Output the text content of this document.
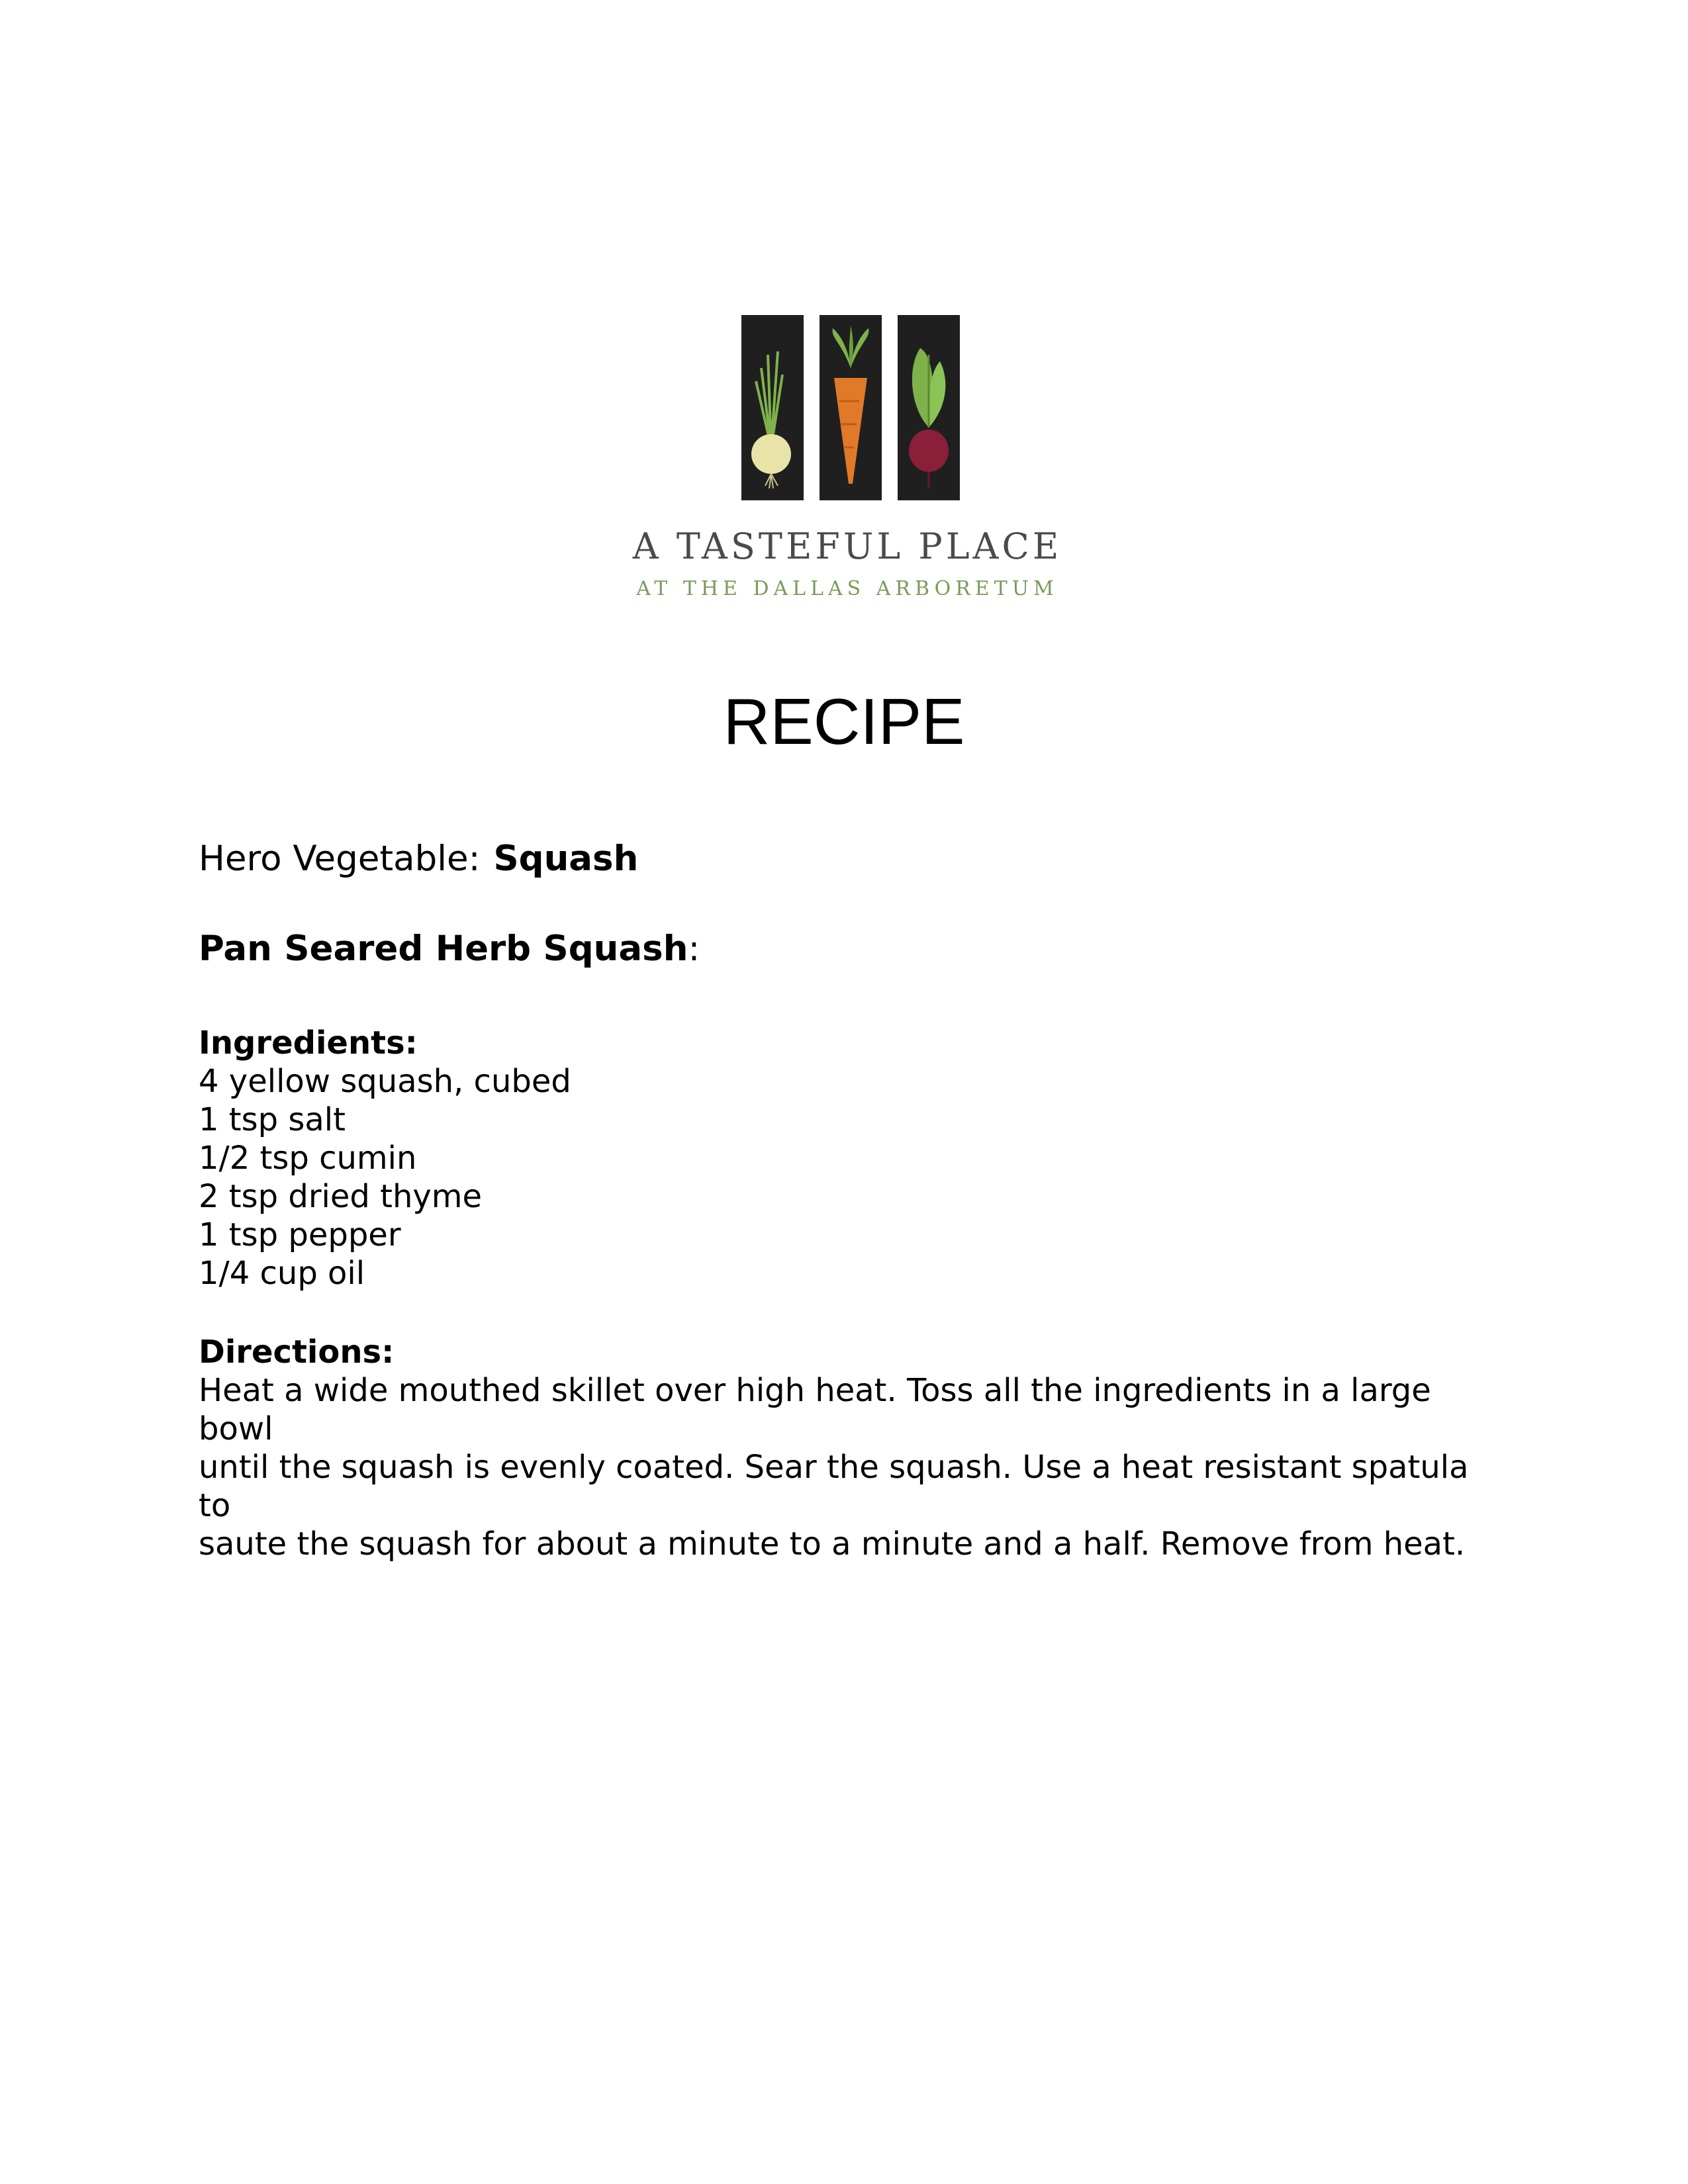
A TASTEFUL PLACE
AT THE DALLAS ARBORETUM
RECIPE
Hero Vegetable: Squash
Pan Seared Herb Squash:
Ingredients:
4 yellow squash, cubed
1 tsp salt
1/2 tsp cumin
2 tsp dried thyme
1 tsp pepper
1/4 cup oil
Directions:
Heat a wide mouthed skillet over high heat. Toss all the ingredients in a large bowl
until the squash is evenly coated. Sear the squash. Use a heat resistant spatula to
saute the squash for about a minute to a minute and a half. Remove from heat.
